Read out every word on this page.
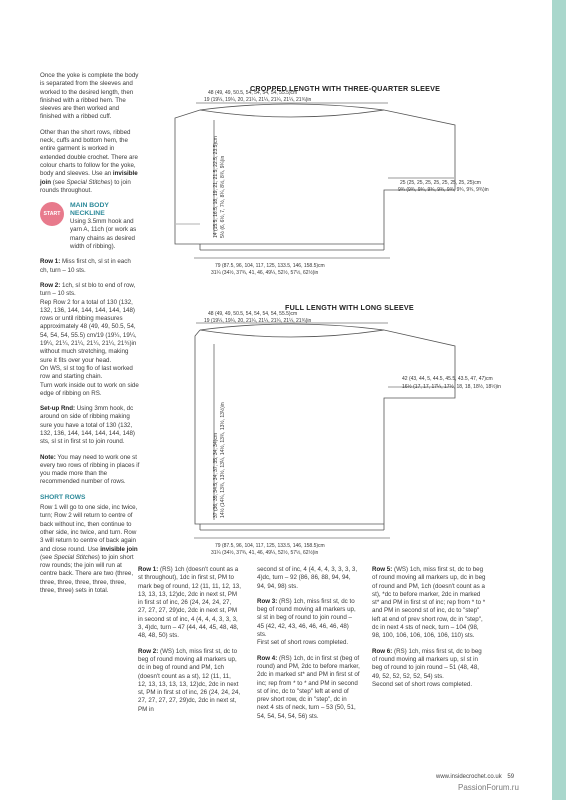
Once the yoke is complete the body is separated from the sleeves and worked to the desired length, then finished with a ribbed hem. The sleeves are then worked and finished with a ribbed cuff.

Other than the short rows, ribbed neck, cuffs and bottom hem, the entire garment is worked in extended double crochet. There are colour charts to follow for the yoke, body and sleeves. Use an invisible join (see Special Stitches) to join rounds throughout.

START
MAIN BODY NECKLINE

Using 3.5mm hook and yarn A, 11ch (or work as many chains as desired width of ribbing).

Row 1: Miss first ch, sl st in each ch, turn – 10 sts.

Row 2: 1ch, sl st blo to end of row, turn – 10 sts.
Rep Row 2 for a total of 130 (132, 132, 136, 144, 144, 144, 144, 148) rows or until ribbing measures approximately 48 (49, 49, 50.5, 54, 54, 54, 54, 55.5) cm/19 (19¼, 19¼, 19¼, 21¼, 21¼, 21¼, 21¼, 21¾)in without much stretching, making sure it fits over your head.
On WS, sl st tog flo of last worked row and starting chain.
Turn work inside out to work on side edge of ribbing on RS.

Set-up Rnd: Using 3mm hook, dc around on side of ribbing making sure you have a total of 130 (132, 132, 136, 144, 144, 144, 144, 148) sts, sl st in first st to join round.

Note: You may need to work one st every two rows of ribbing in places if you made more than the recommended number of rows.

SHORT ROWS

Row 1 will go to one side, inc twice, turn; Row 2 will return to centre of back without inc, then continue to other side, inc twice, and turn. Row 3 will return to centre of back again and close round. Use invisible join (see Special Stitches) to join short row rounds; the join will run at centre back. There are two (three, three, three, three, three, three, three, three) sets in total.

CROPPED LENGTH WITH THREE-QUARTER SLEEVE
48 (49, 49, 50.5, 54, 54, 54, 54, 55.5)cm
19 (19¼, 19¼, 20, 21¼, 21¼, 21¼, 21¼, 21¾)in
14 (15.5, 16.5, 18, 19, 21, 21.5, 22.5, 23.5)cm 5½ (6, 6½, 7, 7½, 8¼, 8½, 8¾, 9¼)in	25 (25, 25, 25, 25, 25, 25, 25, 25)cm
9¾ (9¾, 9¾, 9¾, 9¾, 9¾, 9¾, 9¾, 9¾)in
79 (87.5, 96, 104, 117, 125, 133.5, 146, 158.5)cm
31¼ (34½, 37¾, 41, 46, 49¼, 52½, 57½, 62½)in
FULL LENGTH WITH LONG SLEEVE
48 (49, 49, 50.5, 54, 54, 54, 54, 55.5)cm
19 (19¼, 19¼, 20, 21¼, 21¼, 21¼, 21¼, 21¾)in
37 (36, 35, 34.5, 34, 37, 35, 34, 34)cm 14½ (14¼, 13¾, 13½, 13¼, 14½, 13¾, 13½, 13½)in
42 (43, 44, 5, 44.5, 45.5, 43.5, 47, 47)cm
16½ (17, 17, 17¼, 17½, 18, 18, 18½, 18½)in
79 (87.5, 96, 104, 117, 125, 133.5, 146, 158.5)cm
31¼ (34½, 37¾, 41, 46, 49¼, 52½, 57½, 62½)in

Row 1: (RS) 1ch (doesn't count as a st throughout), 1dc in first st, PM to mark beg of round, 12 (11, 11, 12, 13, 13, 13, 13, 12)dc, 2dc in next st, PM in first st of inc, 26 (24, 24, 24, 27, 27, 27, 27, 29)dc, 2dc in next st, PM in second st of inc, 4 (4, 4, 4, 3, 3, 3, 3, 4)dc, turn – 47 (44, 44, 45, 48, 48, 48, 48, 50) sts.

Row 2: (WS) 1ch, miss first st, dc to beg of round moving all markers up, dc in beg of round and PM, 1ch (doesn't count as a st), 12 (11, 11, 12, 13, 13, 13, 13, 12)dc, 2dc in next st, PM in first st of inc, 26 (24, 24, 24, 27, 27, 27, 27, 29)dc, 2dc in next st, PM in

second st of inc, 4 (4, 4, 4, 3, 3, 3, 3, 4)dc, turn – 92 (86, 86, 88, 94, 94, 94, 94, 98) sts.

Row 3: (RS) 1ch, miss first st, dc to beg of round moving all markers up, sl st in beg of round to join round – 45 (42, 42, 43, 46, 46, 46, 46, 48) sts.
First set of short rows completed.

Row 4: (RS) 1ch, dc in first st (beg of round) and PM, 2dc to before marker, 2dc in marked st* and PM in first st of inc; rep from * to * and PM in second st of inc, dc to "step" left at end of prev short row, dc in "step", dc in next 4 sts of neck, turn – 53 (50, 51, 54, 54, 54, 54, 56) sts.

Row 5: (WS) 1ch, miss first st, dc to beg of round moving all markers up, dc in beg of round and PM, 1ch (doesn't count as a st), *dc to before marker, 2dc in marked st* and PM in first st of inc; rep from * to * and PM in second st of inc, dc to "step" left at end of prev short row, dc in "step", dc in next 4 sts of neck, turn – 104 (98, 98, 100, 106, 106, 106, 106, 110) sts.

Row 6: (RS) 1ch, miss first st, dc to beg of round moving all markers up, sl st in beg of round to join round – 51 (48, 48, 49, 52, 52, 52, 52, 54) sts.
Second set of short rows completed.

www.insidecrochet.co.uk 59
PassionForum.ru
